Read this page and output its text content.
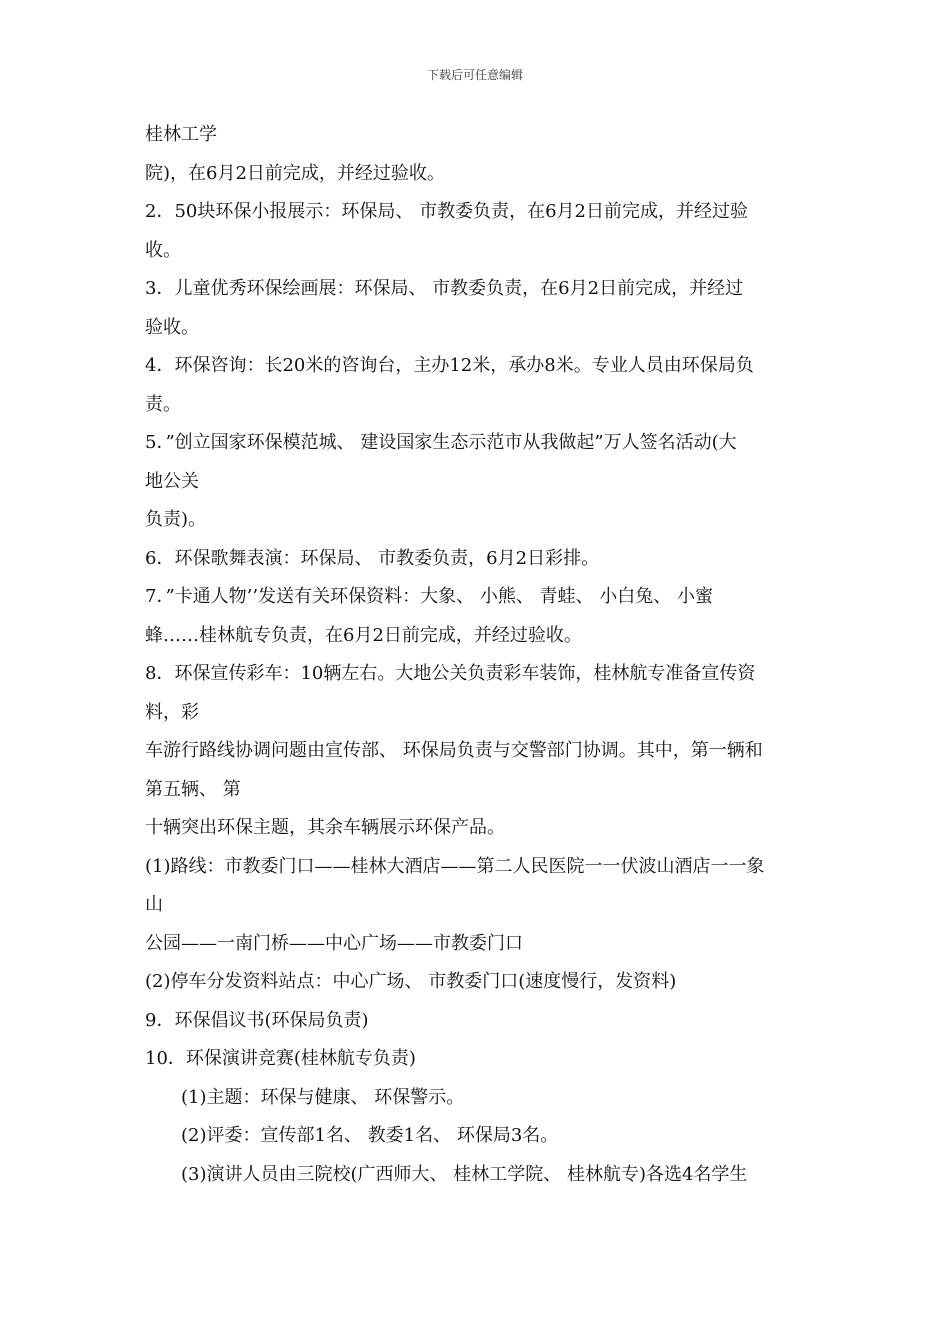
下载后可任意编辑
桂林工学
院)，在6月2日前完成，并经过验收。
2．50块环保小报展示：环保局、 市教委负责，在6月2日前完成，并经过验
收。
3．儿童优秀环保绘画展：环保局、 市教委负责，在6月2日前完成，并经过
验收。
4．环保咨询：长20米的咨询台，主办12米，承办8米。专业人员由环保局负
责。
5．”创立国家环保模范城、 建设国家生态示范市从我做起”万人签名活动(大
地公关
负责)。
6．环保歌舞表演：环保局、 市教委负责，6月2日彩排。
7．”卡通人物’’发送有关环保资料：大象、 小熊、 青蛙、 小白兔、 小蜜
蜂……桂林航专负责，在6月2日前完成，并经过验收。
8．环保宣传彩车：10辆左右。大地公关负责彩车装饰，桂林航专准备宣传资
料，彩
车游行路线协调问题由宣传部、 环保局负责与交警部门协调。其中，第一辆和
第五辆、 第
十辆突出环保主题，其余车辆展示环保产品。
(1)路线：市教委门口——桂林大酒店——第二人民医院一一伏波山酒店一一象
山
公园——一南门桥——中心广场——市教委门口
(2)停车分发资料站点：中心广场、 市教委门口(速度慢行，发资料)
9．环保倡议书(环保局负责)
10．环保演讲竞赛(桂林航专负责)
(1)主题：环保与健康、 环保警示。
(2)评委：宣传部1名、 教委1名、 环保局3名。
(3)演讲人员由三院校(广西师大、 桂林工学院、 桂林航专)各选4名学生
